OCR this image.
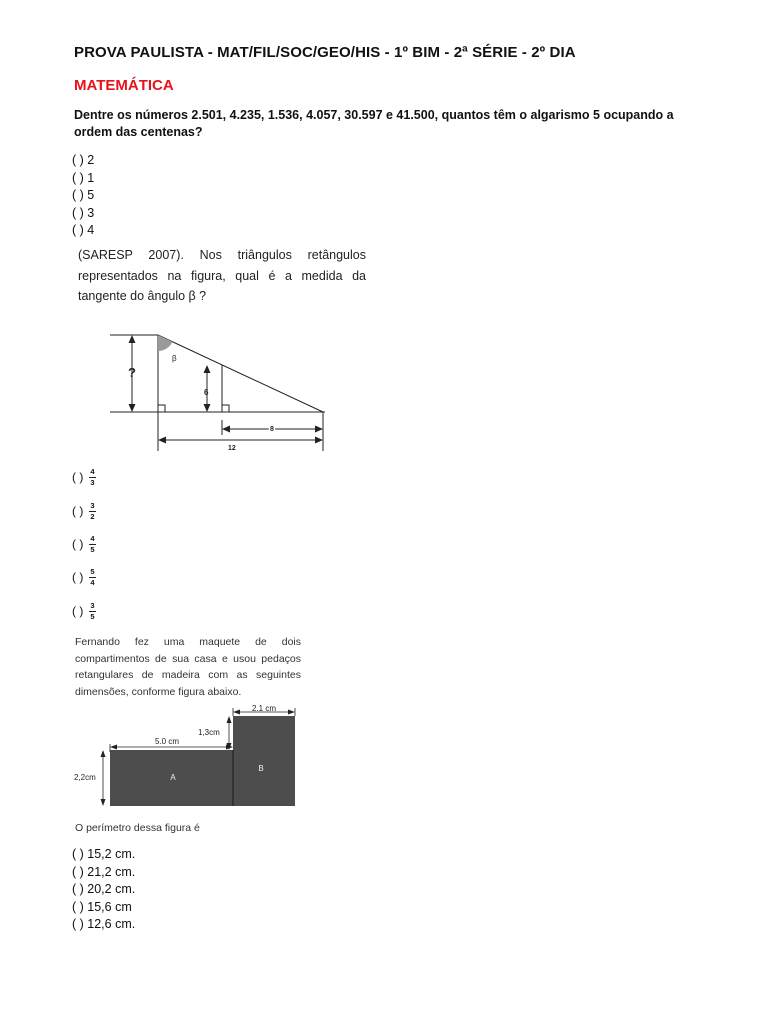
PROVA PAULISTA - MAT/FIL/SOC/GEO/HIS - 1º BIM - 2ª SÉRIE - 2º DIA
MATEMÁTICA
Dentre os números 2.501, 4.235, 1.536, 4.057, 30.597 e 41.500, quantos têm o algarismo 5 ocupando a ordem das centenas?
( ) 2
( ) 1
( ) 5
( ) 3
( ) 4
(SARESP 2007). Nos triângulos retângulos representados na figura, qual é a medida da tangente do ângulo β ?
?
β
6
8
12
( ) $\frac{4}{3}$
( ) $\frac{3}{2}$
( ) $\frac{4}{5}$
( ) $\frac{5}{4}$
( ) $\frac{3}{5}$
Fernando fez uma maquete de dois compartimentos de sua casa e usou pedaços retangulares de madeira com as seguintes dimensões, conforme figura abaixo.
2.1 cm
1,3cm
5.0 cm
2,2cm	A
B
O perímetro dessa figura é
( ) 15,2 cm.
( ) 21,2 cm.
( ) 20,2 cm.
( ) 15,6 cm
( ) 12,6 cm.
